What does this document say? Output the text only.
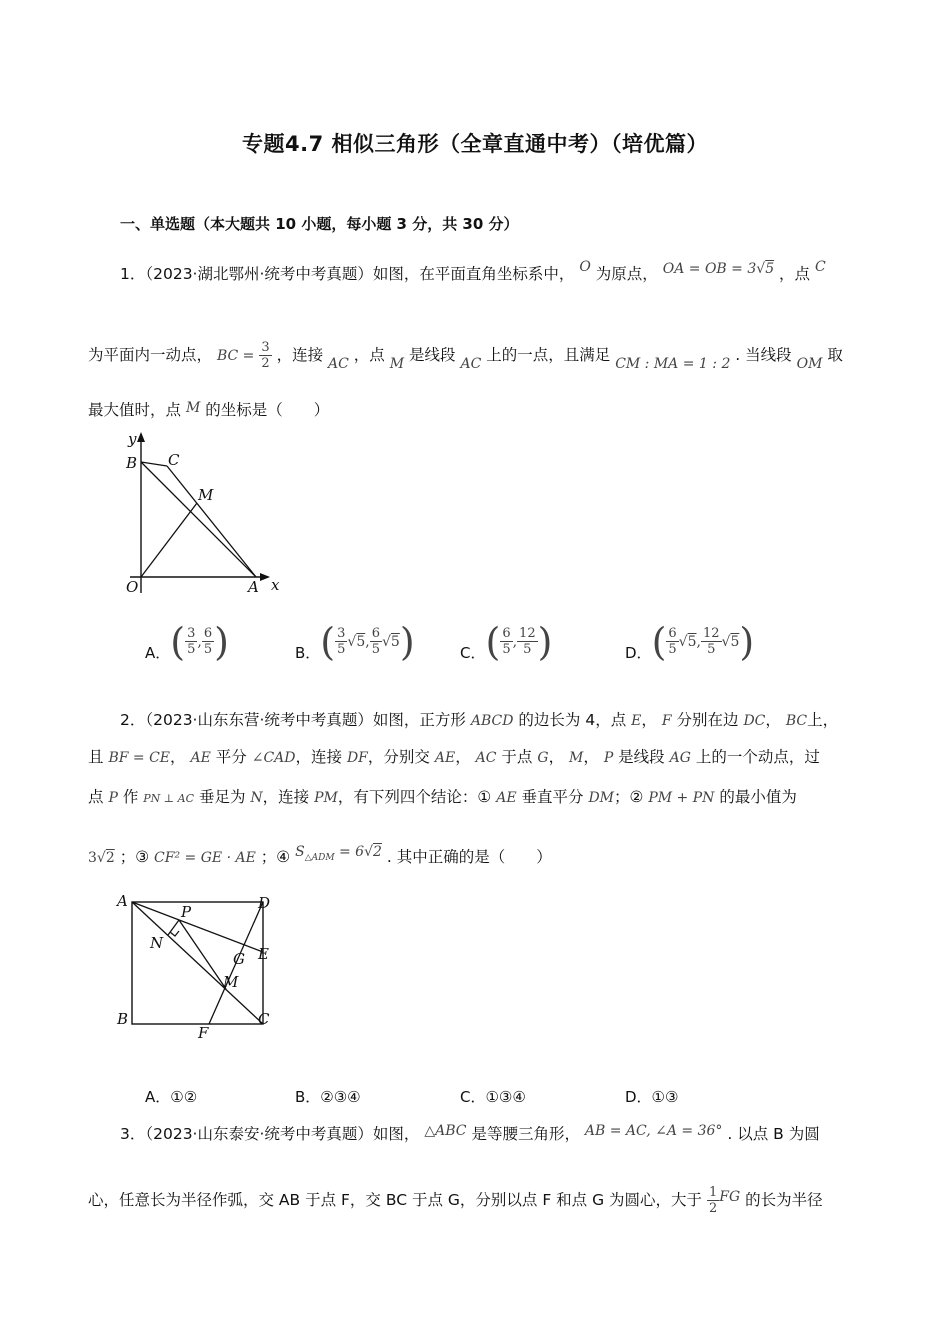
专题4.7 相似三角形（全章直通中考）（培优篇）
一、单选题（本大题共 10 小题，每小题 3 分，共 30 分）
1．（2023·湖北鄂州·统考中考真题）如图，在平面直角坐标系中， O 为原点， OA = OB = 3√5 ，点 C
为平面内一动点， BC = $\frac{3}{2}$ ，连接 AC ，点 M 是线段 AC 上的一点，且满足 CM : MA = 1 : 2 . 当线段 OM 取
最大值时，点 M 的坐标是（　　）
y
B C
M
O	A x
A． ( $\frac{3}{5}$ , $\frac{6}{5}$ )	B． ( $\frac{3}{5} √5$, $\frac{6}{5} √5$ )	C． ( $\frac{6}{5}$ , $\frac{12}{5}$ )	D． ( $\frac{6}{5} √5$, $\frac{12}{5} √5$ )
2．（2023·山东东营·统考中考真题）如图，正方形 ABCD 的边长为 4，点 E， F 分别在边 DC， BC上，
且 BF = CE， AE 平分 ∠CAD，连接 DF，分别交 AE， AC 于点 G， M， P 是线段 AG 上的一个动点，过
点 P 作 PN ⊥ AC 垂足为 N，连接 PM，有下列四个结论：① AE 垂直平分 DM；② PM + PN 的最小值为
3√2 ；③ CF² = GE · AE ；④ $S_{\triangle ADM} = 6√2$ . 其中正确的是（　　）
A	D
P
N
E
G
M
B
F
C
A．①②	B．②③④	C．①③④	D．①③
3．（2023·山东泰安·统考中考真题）如图， △ABC 是等腰三角形， AB = AC, ∠A = 36° . 以点 B 为圆
心，任意长为半径作弧，交 AB 于点 F，交 BC 于点 G，分别以点 F 和点 G 为圆心，大于 $\frac{1}{2}$ FG 的长为半径
